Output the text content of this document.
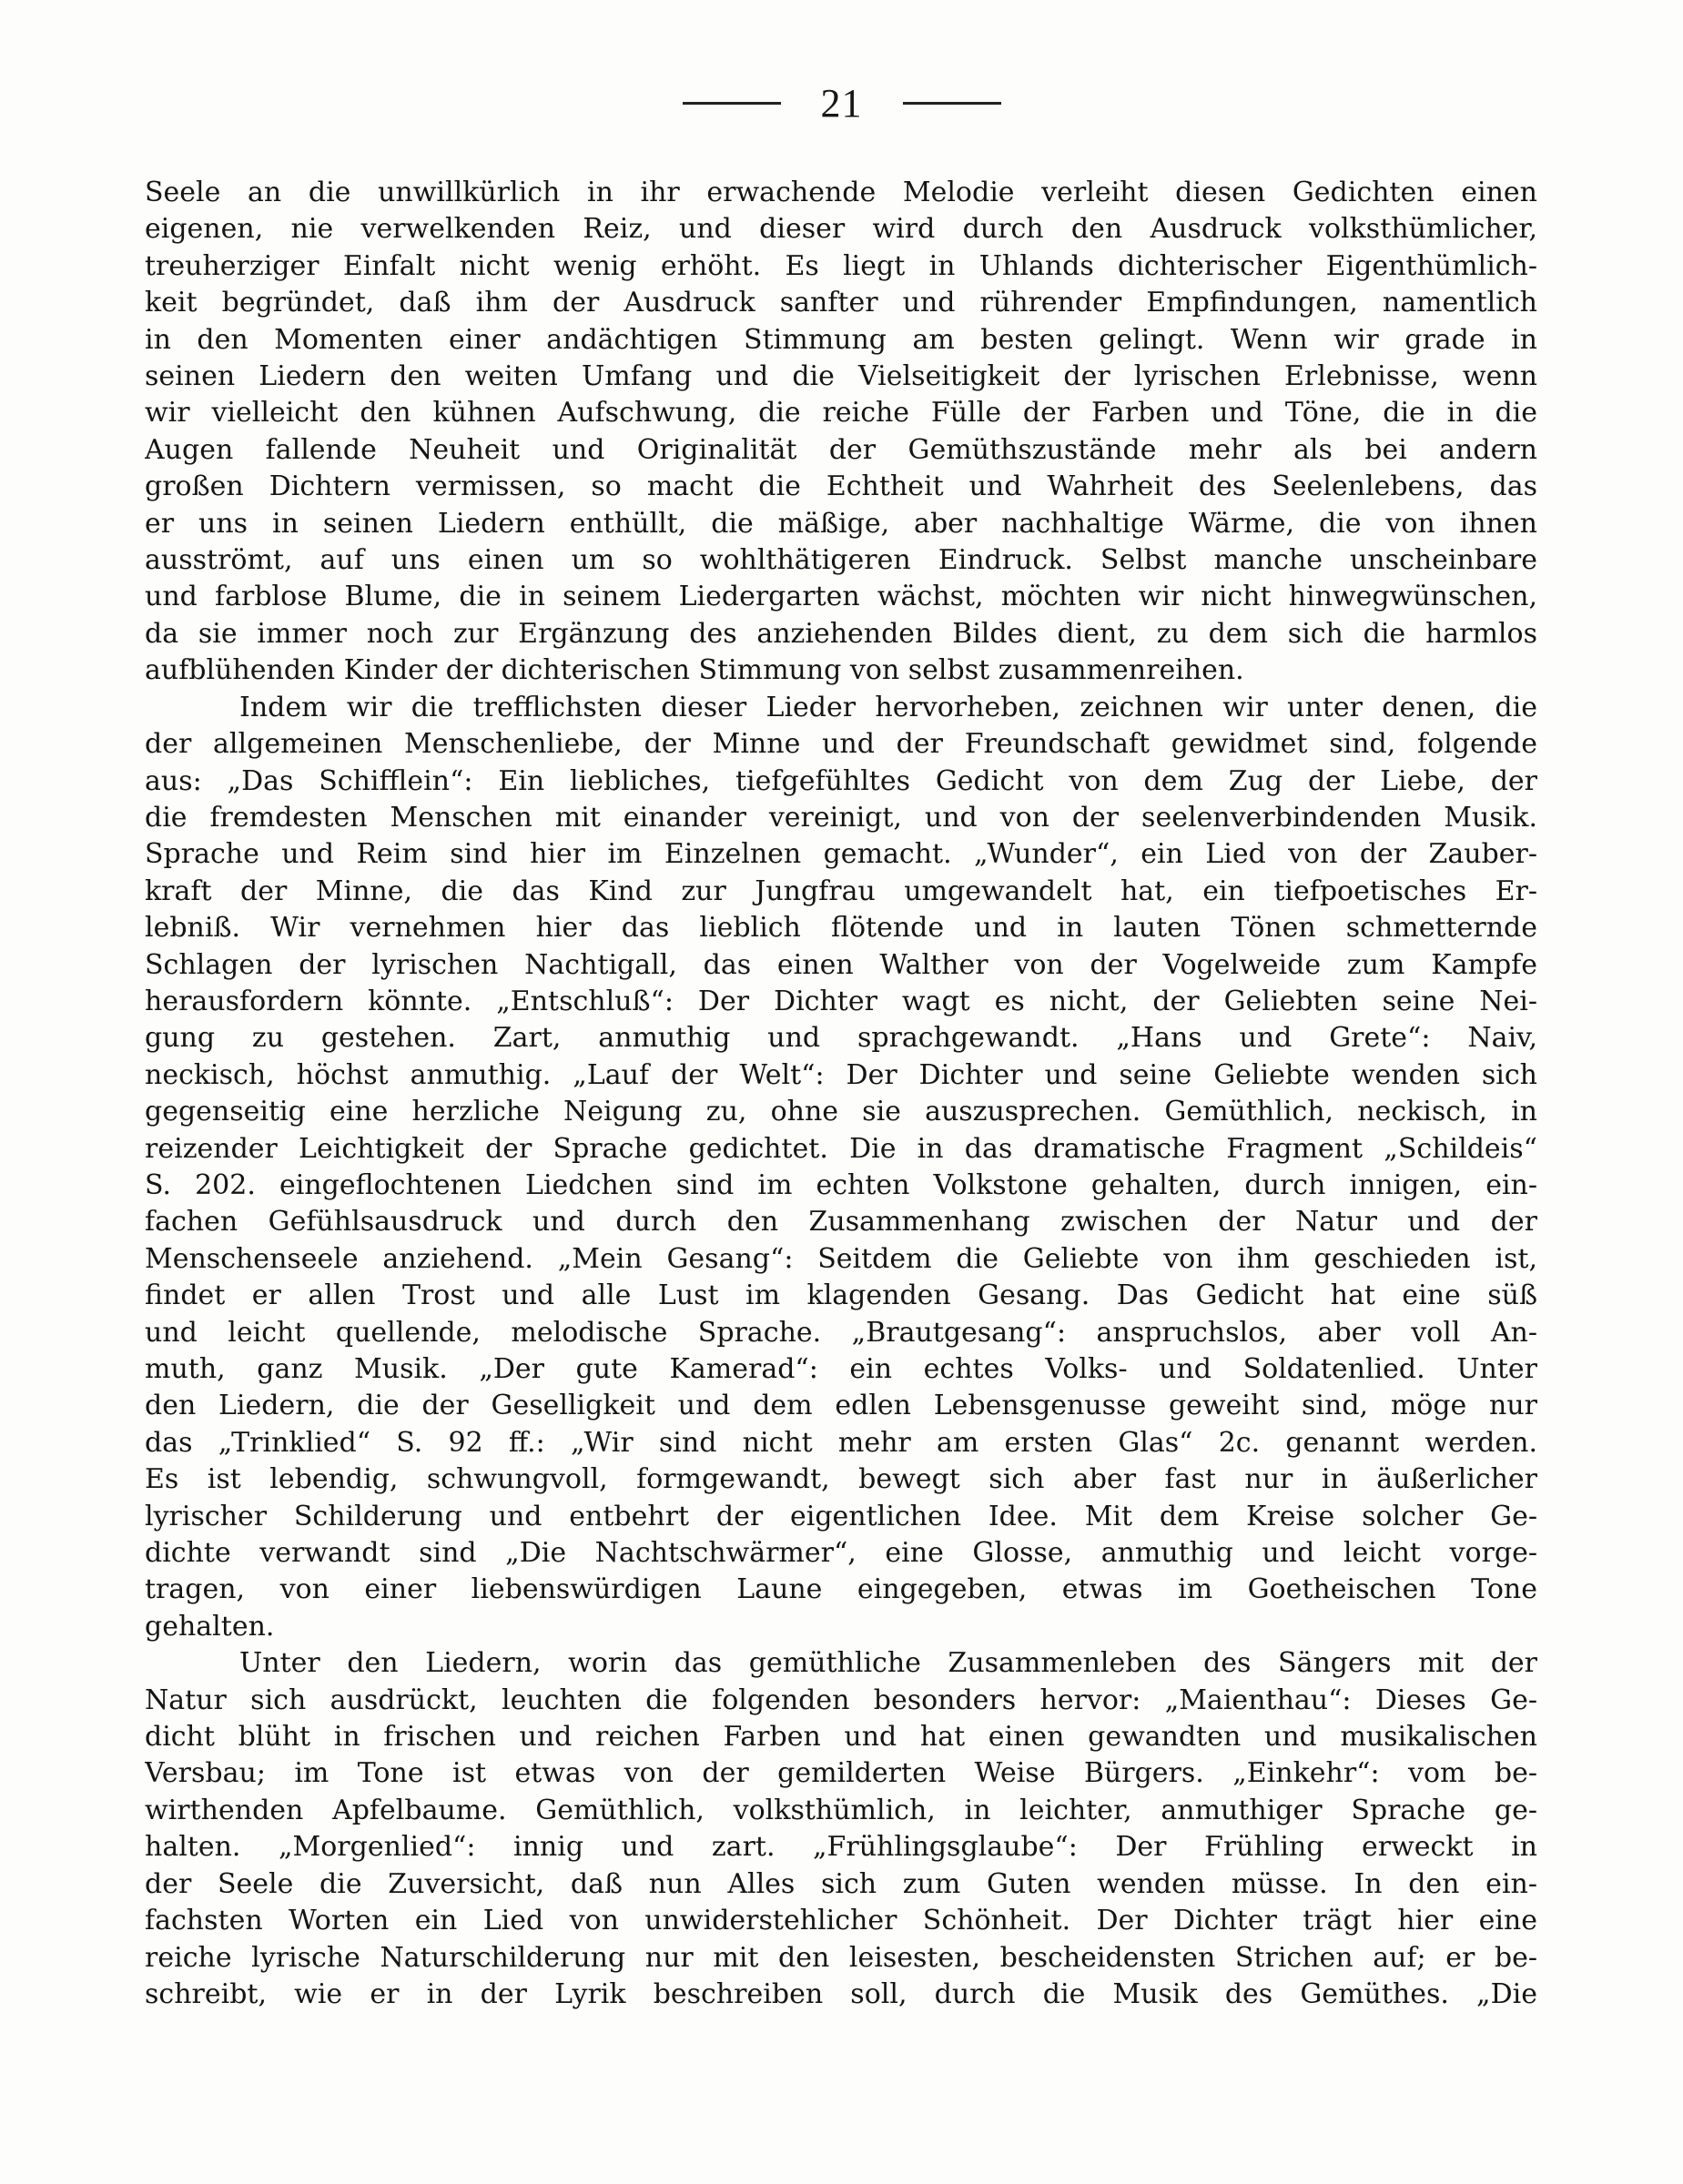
21
Seele an die unwillkürlich in ihr erwachende Melodie verleiht diesen Gedichten einen
eigenen, nie verwelkenden Reiz, und dieser wird durch den Ausdruck volksthümlicher,
treuherziger Einfalt nicht wenig erhöht. Es liegt in Uhlands dichterischer Eigenthümlich-
keit begründet, daß ihm der Ausdruck sanfter und rührender Empfindungen, namentlich
in den Momenten einer andächtigen Stimmung am besten gelingt. Wenn wir grade in
seinen Liedern den weiten Umfang und die Vielseitigkeit der lyrischen Erlebnisse, wenn
wir vielleicht den kühnen Aufschwung, die reiche Fülle der Farben und Töne, die in die
Augen fallende Neuheit und Originalität der Gemüthszustände mehr als bei andern
großen Dichtern vermissen, so macht die Echtheit und Wahrheit des Seelenlebens, das
er uns in seinen Liedern enthüllt, die mäßige, aber nachhaltige Wärme, die von ihnen
ausströmt, auf uns einen um so wohlthätigeren Eindruck. Selbst manche unscheinbare
und farblose Blume, die in seinem Liedergarten wächst, möchten wir nicht hinwegwünschen,
da sie immer noch zur Ergänzung des anziehenden Bildes dient, zu dem sich die harmlos
aufblühenden Kinder der dichterischen Stimmung von selbst zusammenreihen.
Indem wir die trefflichsten dieser Lieder hervorheben, zeichnen wir unter denen, die
der allgemeinen Menschenliebe, der Minne und der Freundschaft gewidmet sind, folgende
aus: „Das Schifflein“: Ein liebliches, tiefgefühltes Gedicht von dem Zug der Liebe, der
die fremdesten Menschen mit einander vereinigt, und von der seelenverbindenden Musik.
Sprache und Reim sind hier im Einzelnen gemacht. „Wunder“, ein Lied von der Zauber-
kraft der Minne, die das Kind zur Jungfrau umgewandelt hat, ein tiefpoetisches Er-
lebniß. Wir vernehmen hier das lieblich flötende und in lauten Tönen schmetternde
Schlagen der lyrischen Nachtigall, das einen Walther von der Vogelweide zum Kampfe
herausfordern könnte. „Entschluß“: Der Dichter wagt es nicht, der Geliebten seine Nei-
gung zu gestehen. Zart, anmuthig und sprachgewandt. „Hans und Grete“: Naiv,
neckisch, höchst anmuthig. „Lauf der Welt“: Der Dichter und seine Geliebte wenden sich
gegenseitig eine herzliche Neigung zu, ohne sie auszusprechen. Gemüthlich, neckisch, in
reizender Leichtigkeit der Sprache gedichtet. Die in das dramatische Fragment „Schildeis“
S. 202. eingeflochtenen Liedchen sind im echten Volkstone gehalten, durch innigen, ein-
fachen Gefühlsausdruck und durch den Zusammenhang zwischen der Natur und der
Menschenseele anziehend. „Mein Gesang“: Seitdem die Geliebte von ihm geschieden ist,
findet er allen Trost und alle Lust im klagenden Gesang. Das Gedicht hat eine süß
und leicht quellende, melodische Sprache. „Brautgesang“: anspruchslos, aber voll An-
muth, ganz Musik. „Der gute Kamerad“: ein echtes Volks- und Soldatenlied. Unter
den Liedern, die der Geselligkeit und dem edlen Lebensgenusse geweiht sind, möge nur
das „Trinklied“ S. 92 ff.: „Wir sind nicht mehr am ersten Glas“ 2c. genannt werden.
Es ist lebendig, schwungvoll, formgewandt, bewegt sich aber fast nur in äußerlicher
lyrischer Schilderung und entbehrt der eigentlichen Idee. Mit dem Kreise solcher Ge-
dichte verwandt sind „Die Nachtschwärmer“, eine Glosse, anmuthig und leicht vorge-
tragen, von einer liebenswürdigen Laune eingegeben, etwas im Goetheischen Tone
gehalten.
Unter den Liedern, worin das gemüthliche Zusammenleben des Sängers mit der
Natur sich ausdrückt, leuchten die folgenden besonders hervor: „Maienthau“: Dieses Ge-
dicht blüht in frischen und reichen Farben und hat einen gewandten und musikalischen
Versbau; im Tone ist etwas von der gemilderten Weise Bürgers. „Einkehr“: vom be-
wirthenden Apfelbaume. Gemüthlich, volksthümlich, in leichter, anmuthiger Sprache ge-
halten. „Morgenlied“: innig und zart. „Frühlingsglaube“: Der Frühling erweckt in
der Seele die Zuversicht, daß nun Alles sich zum Guten wenden müsse. In den ein-
fachsten Worten ein Lied von unwiderstehlicher Schönheit. Der Dichter trägt hier eine
reiche lyrische Naturschilderung nur mit den leisesten, bescheidensten Strichen auf; er be-
schreibt, wie er in der Lyrik beschreiben soll, durch die Musik des Gemüthes. „Die
